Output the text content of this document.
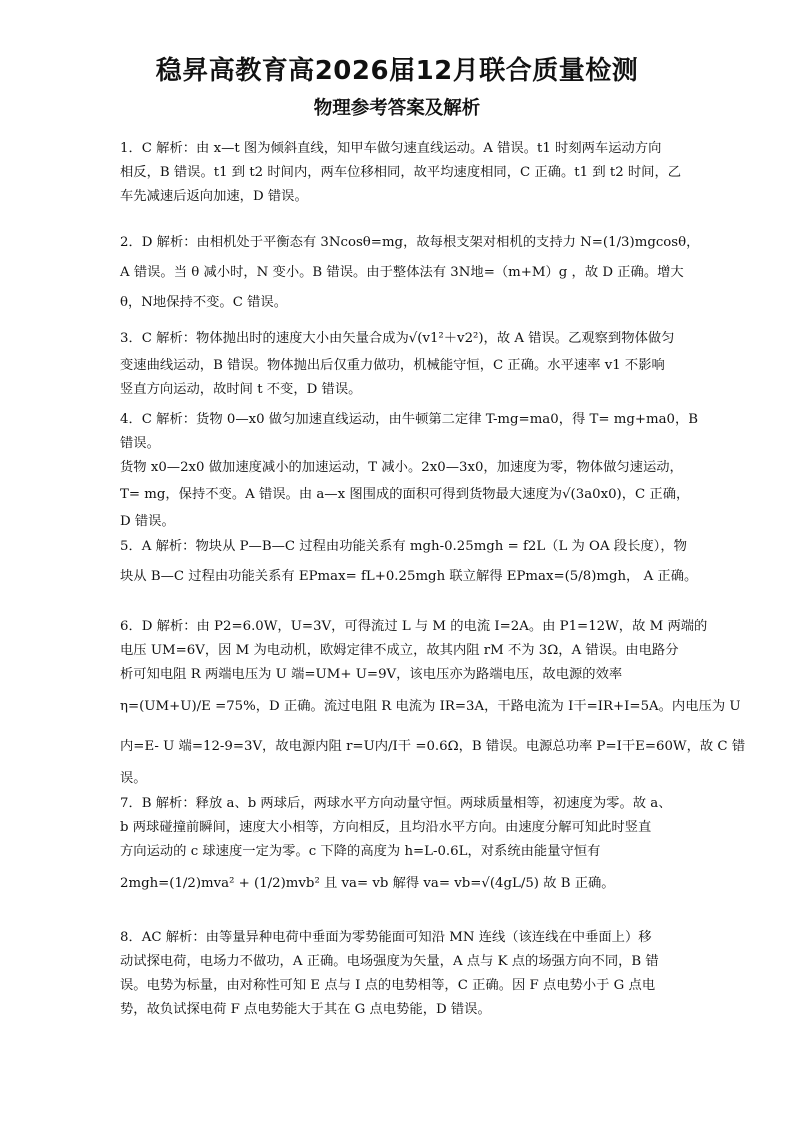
稳昇高教育高2026届12月联合质量检测
物理参考答案及解析
1．C 解析：由 x—t 图为倾斜直线，知甲车做匀速直线运动。A 错误。t1 时刻两车运动方向
相反，B 错误。t1 到 t2 时间内，两车位移相同，故平均速度相同，C 正确。t1 到 t2 时间，乙
车先减速后返向加速，D 错误。
2．D 解析：由相机处于平衡态有 3Ncosθ=mg，故每根支架对相机的支持力 N=(1/3)mgcosθ，
A 错误。当 θ 减小时，N 变小。B 错误。由于整体法有 3N地=（m+M）g ，故 D 正确。增大
θ，N地保持不变。C 错误。
3．C 解析：物体抛出时的速度大小由矢量合成为√(v1²＋v2²)，故 A 错误。乙观察到物体做匀
变速曲线运动，B 错误。物体抛出后仅重力做功，机械能守恒，C 正确。水平速率 v1 不影响
竖直方向运动，故时间 t 不变，D 错误。
4．C 解析：货物 0—x0 做匀加速直线运动，由牛顿第二定律 T-mg=ma0，得 T= mg+ma0，B
错误。
货物 x0—2x0 做加速度减小的加速运动，T 减小。2x0—3x0，加速度为零，物体做匀速运动，
T= mg，保持不变。A 错误。由 a—x 图围成的面积可得到货物最大速度为√(3a0x0)，C 正确，
D 错误。
5．A 解析：物块从 P—B—C 过程由功能关系有 mgh-0.25mgh = f2L（L 为 OA 段长度），物
块从 B—C 过程由功能关系有 EPmax= fL+0.25mgh 联立解得 EPmax=(5/8)mgh， A 正确。
6．D 解析：由 P2=6.0W，U=3V，可得流过 L 与 M 的电流 I=2A。由 P1=12W，故 M 两端的
电压 UM=6V，因 M 为电动机，欧姆定律不成立，故其内阻 rM 不为 3Ω，A 错误。由电路分
析可知电阻 R 两端电压为 U 端=UM+ U=9V，该电压亦为路端电压，故电源的效率
η=(UM+U)/E =75%，D 正确。流过电阻 R 电流为 IR=3A，干路电流为 I干=IR+I=5A。内电压为 U
内=E- U 端=12-9=3V，故电源内阻 r=U内/I干 =0.6Ω，B 错误。电源总功率 P=I干E=60W，故 C 错
误。
7．B 解析：释放 a、b 两球后，两球水平方向动量守恒。两球质量相等，初速度为零。故 a、
b 两球碰撞前瞬间，速度大小相等，方向相反，且均沿水平方向。由速度分解可知此时竖直
方向运动的 c 球速度一定为零。c 下降的高度为 h=L-0.6L，对系统由能量守恒有
2mgh=(1/2)mva² + (1/2)mvb² 且 va= vb 解得 va= vb=√(4gL/5) 故 B 正确。
8．AC 解析：由等量异种电荷中垂面为零势能面可知沿 MN 连线（该连线在中垂面上）移
动试探电荷，电场力不做功，A 正确。电场强度为矢量，A 点与 K 点的场强方向不同，B 错
误。电势为标量，由对称性可知 E 点与 I 点的电势相等，C 正确。因 F 点电势小于 G 点电
势，故负试探电荷 F 点电势能大于其在 G 点电势能，D 错误。
